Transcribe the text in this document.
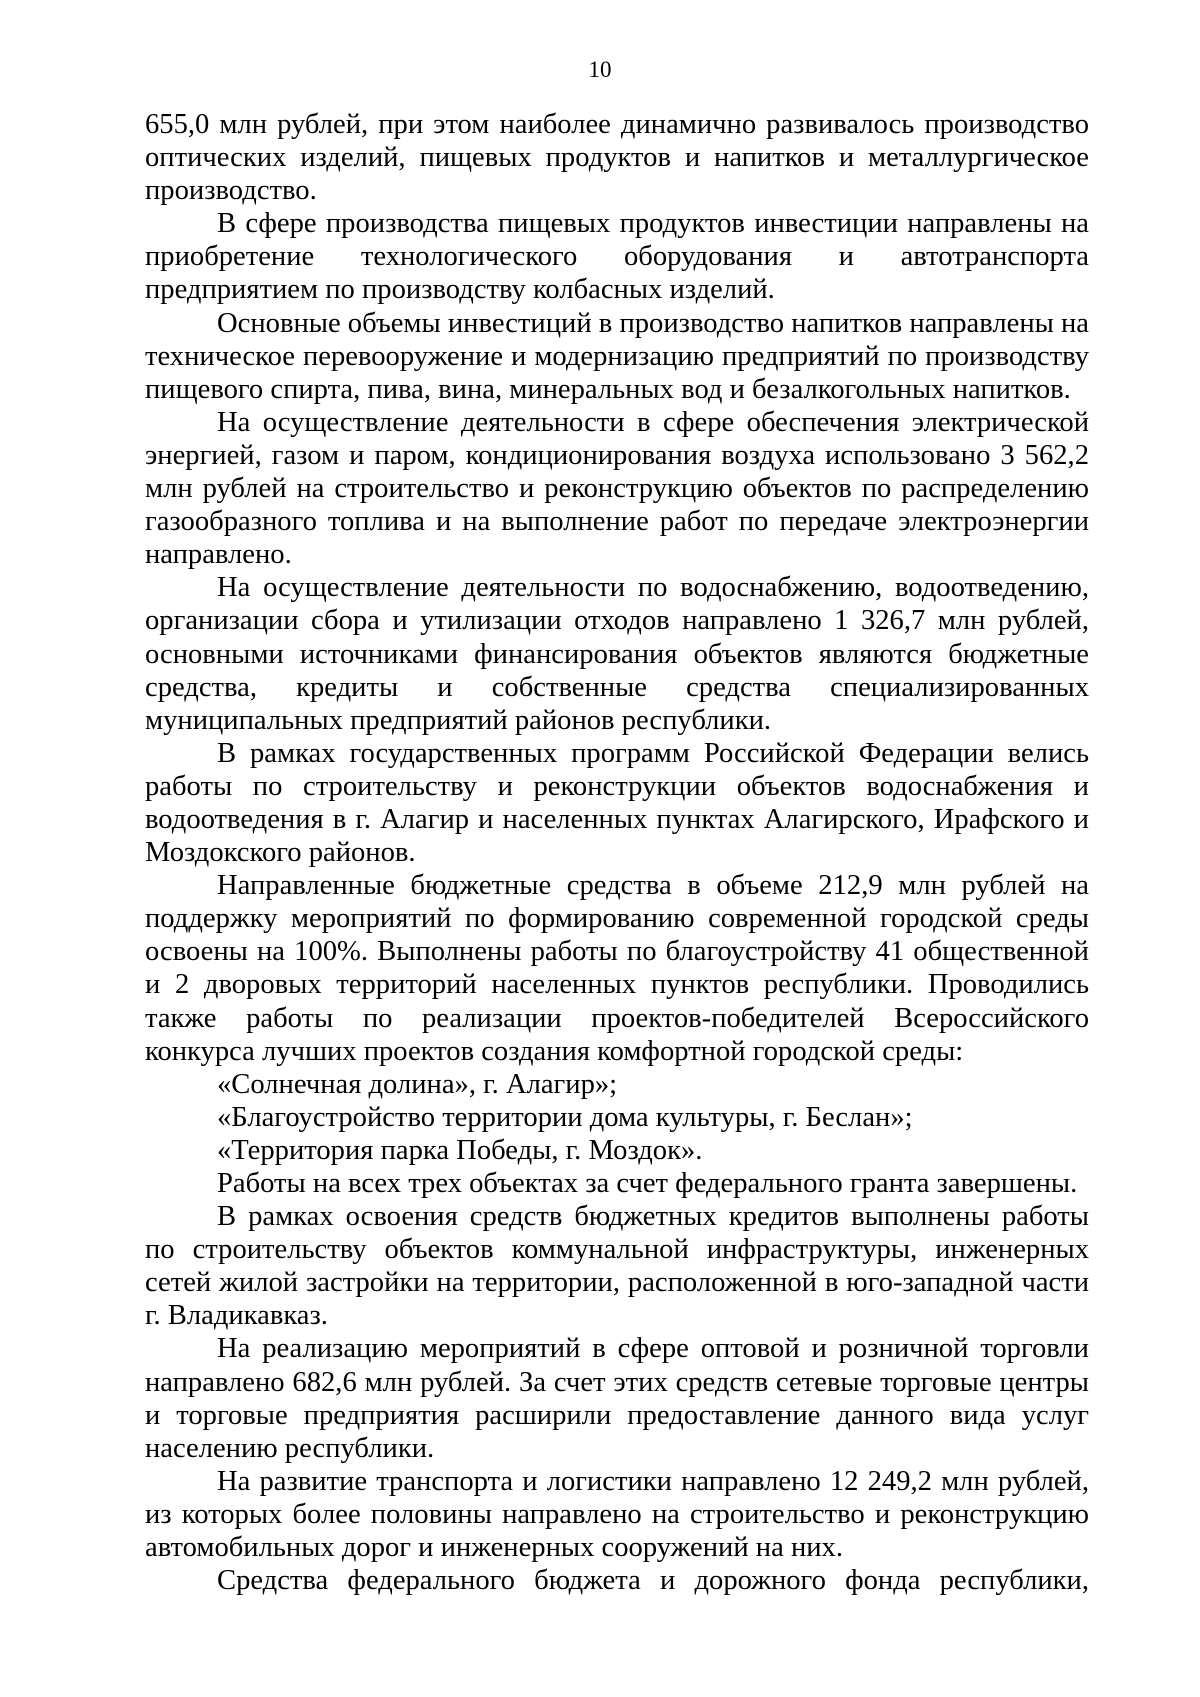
10

655,0 млн рублей, при этом наиболее динамично развивалось производство оптических изделий, пищевых продуктов и напитков и металлургическое производство.

В сфере производства пищевых продуктов инвестиции направлены на приобретение технологического оборудования и автотранспорта предприятием по производству колбасных изделий.

Основные объемы инвестиций в производство напитков направлены на техническое перевооружение и модернизацию предприятий по производству пищевого спирта, пива, вина, минеральных вод и безалкогольных напитков.

На осуществление деятельности в сфере обеспечения электрической энергией, газом и паром, кондиционирования воздуха использовано 3 562,2 млн рублей на строительство и реконструкцию объектов по распределению газообразного топлива и на выполнение работ по передаче электроэнергии направлено.

На осуществление деятельности по водоснабжению, водоотведению, организации сбора и утилизации отходов направлено 1 326,7 млн рублей, основными источниками финансирования объектов являются бюджетные средства, кредиты и собственные средства специализированных муниципальных предприятий районов республики.

В рамках государственных программ Российской Федерации велись работы по строительству и реконструкции объектов водоснабжения и водоотведения в г. Алагир и населенных пунктах Алагирского, Ирафского и Моздокского районов.

Направленные бюджетные средства в объеме 212,9 млн рублей на поддержку мероприятий по формированию современной городской среды освоены на 100%. Выполнены работы по благоустройству 41 общественной и 2 дворовых территорий населенных пунктов республики. Проводились также работы по реализации проектов-победителей Всероссийского конкурса лучших проектов создания комфортной городской среды:

«Солнечная долина», г. Алагир»;

«Благоустройство территории дома культуры, г. Беслан»;

«Территория парка Победы, г. Моздок».

Работы на всех трех объектах за счет федерального гранта завершены.

В рамках освоения средств бюджетных кредитов выполнены работы по строительству объектов коммунальной инфраструктуры, инженерных сетей жилой застройки на территории, расположенной в юго-западной части г. Владикавказ.

На реализацию мероприятий в сфере оптовой и розничной торговли направлено 682,6 млн рублей. За счет этих средств сетевые торговые центры и торговые предприятия расширили предоставление данного вида услуг населению республики.

На развитие транспорта и логистики направлено 12 249,2 млн рублей, из которых более половины направлено на строительство и реконструкцию автомобильных дорог и инженерных сооружений на них.

Средства федерального бюджета и дорожного фонда республики,
